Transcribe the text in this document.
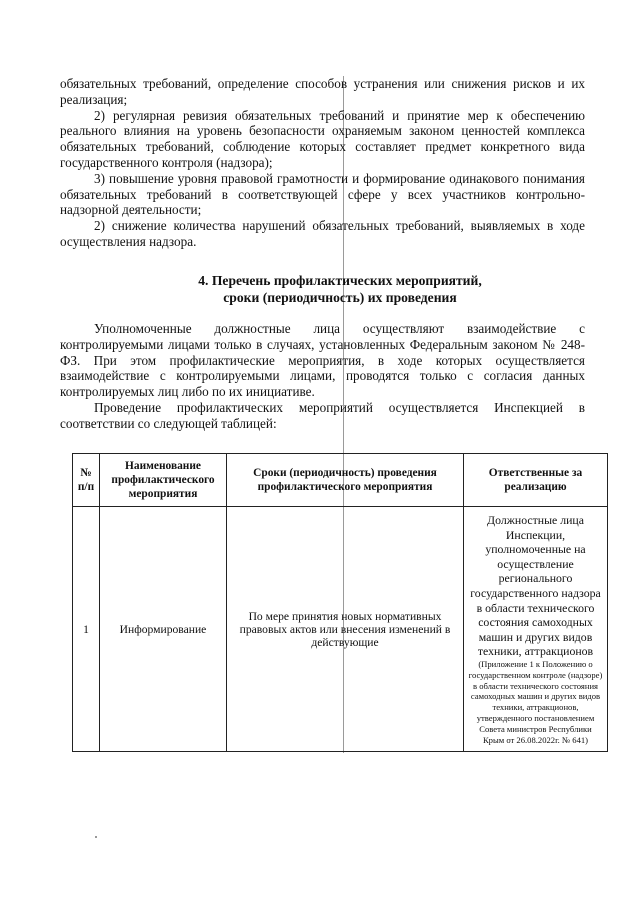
обязательных требований, определение способов устранения или снижения рисков и их реализация;

2) регулярная ревизия обязательных требований и принятие мер к обеспечению реального влияния на уровень безопасности охраняемым законом ценностей комплекса обязательных требований, соблюдение которых составляет предмет конкретного вида государственного контроля (надзора);

3) повышение уровня правовой грамотности и формирование одинакового понимания обязательных требований в соответствующей сфере у всех участников контрольно-надзорной деятельности;

2) снижение количества нарушений обязательных требований, выявляемых в ходе осуществления надзора.

4. Перечень профилактических мероприятий,
сроки (периодичность) их проведения

Уполномоченные должностные лица осуществляют взаимодействие с контролируемыми лицами только в случаях, установленных Федеральным законом № 248-ФЗ. При этом профилактические мероприятия, в ходе которых осуществляется взаимодействие с контролируемыми лицами, проводятся только с согласия данных контролируемых лиц либо по их инициативе.

Проведение профилактических мероприятий осуществляется Инспекцией в соответствии со следующей таблицей:

№ п/п	Наименование профилактического мероприятия	Сроки (периодичность) проведения профилактического мероприятия	Ответственные за реализацию
1	Информирование	По мере принятия новых нормативных правовых актов или внесения изменений в действующие	Должностные лица Инспекции, уполномоченные на осуществление регионального государственного надзора в области технического состояния самоходных машин и других видов техники, аттракционов
(Приложение 1 к Положению о государственном контроле (надзоре) в области технического состояния самоходных машин и других видов техники, аттракционов, утвержденного постановлением Совета министров Республики Крым от 26.08.2022г. № 641)
